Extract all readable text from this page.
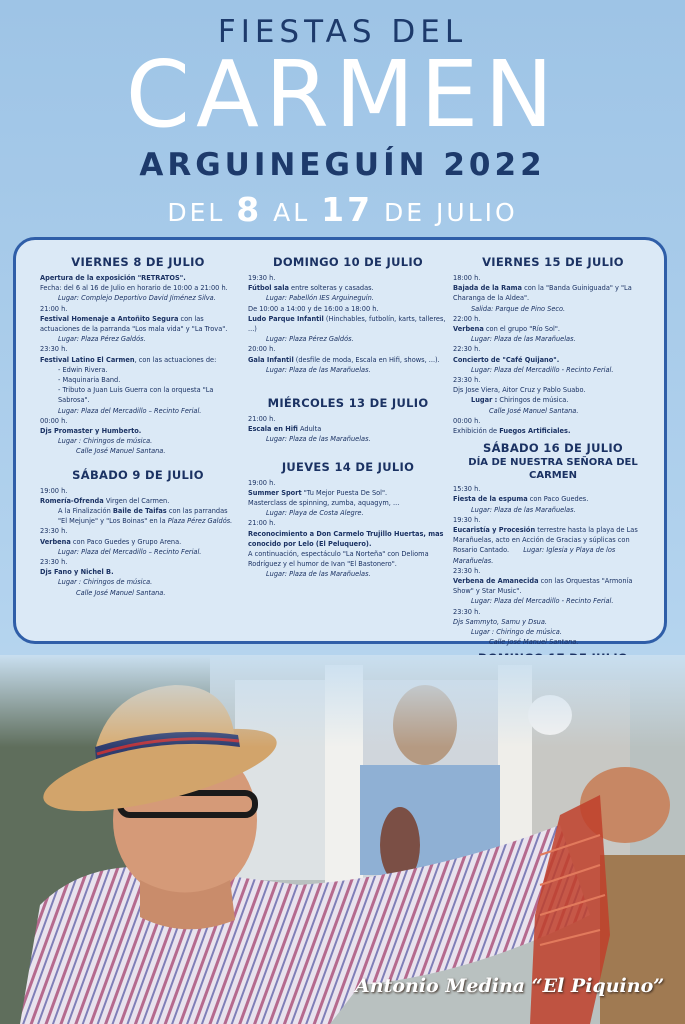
FIESTAS DEL
CARMEN
ARGUINEGUÍN 2022
DEL 8 AL 17 DE JULIO
VIERNES 8 DE JULIO
Apertura de la exposición "RETRATOS".
Fecha: del 6 al 16 de Julio en horario de 10:00 a 21:00 h.
Lugar: Complejo Deportivo David Jiménez Silva.
21:00 h.
Festival Homenaje a Antoñito Segura con las actuaciones de la parranda "Los mala vida" y "La Trova".
Lugar: Plaza Pérez Galdós.
23:30 h.
Festival Latino El Carmen, con las actuaciones de:
- Edwin Rivera.
- Maquinaria Band.
- Tributo a Juan Luis Guerra con la orquesta "La Sabrosa".
Lugar: Plaza del Mercadillo – Recinto Ferial.
00:00 h.
Djs Promaster y Humberto.
Lugar : Chiringos de música.
Calle José Manuel Santana.
SÁBADO 9 DE JULIO
19:00 h.
Romería-Ofrenda Virgen del Carmen.
A la Finalización Baile de Taifas con las parrandas "El Mejunje" y "Los Boinas" en la Plaza Pérez Galdós.
23:30 h.
Verbena con Paco Guedes y Grupo Arena.
Lugar: Plaza del Mercadillo – Recinto Ferial.
23:30 h.
Djs Fano y Nichel B.
Lugar : Chiringos de música.
Calle José Manuel Santana.
DOMINGO 10 DE JULIO
19:30 h.
Fútbol sala entre solteras y casadas.
Lugar: Pabellón IES Arguineguín.
De 10:00 a 14:00 y de 16:00 a 18:00 h.
Ludo Parque Infantil (Hinchables, futbolín, karts, talleres, ...)
Lugar: Plaza Pérez Galdós.
20:00 h.
Gala Infantil (desfile de moda, Escala en Hifi, shows, ...).
Lugar: Plaza de las Marañuelas.
MIÉRCOLES 13 DE JULIO
21:00 h.
Escala en Hifi Adulta
Lugar: Plaza de las Marañuelas.
JUEVES 14 DE JULIO
19:00 h.
Summer Sport "Tu Mejor Puesta De Sol".
Masterclass de spinning, zumba, aquagym, ...
Lugar: Playa de Costa Alegre.
21:00 h.
Reconocimiento a Don Carmelo Trujillo Huertas, mas conocido por Lelo (El Peluquero).
A continuación, espectáculo "La Norteña" con Delioma Rodríguez y el humor de Ivan "El Bastonero".
Lugar: Plaza de las Marañuelas.
VIERNES 15 DE JULIO
18:00 h.
Bajada de la Rama con la "Banda Guiniguada" y "La Charanga de la Aldea".
Salida: Parque de Pino Seco.
22:00 h.
Verbena con el grupo "Río Sol".
Lugar: Plaza de las Marañuelas.
22:30 h.
Concierto de "Café Quijano".
Lugar: Plaza del Mercadillo - Recinto Ferial.
23:30 h.
Djs Jose Viera, Aitor Cruz y Pablo Suabo.
Lugar : Chiringos de música.
Calle José Manuel Santana.
00:00 h.
Exhibición de Fuegos Artificiales.
SÁBADO 16 DE JULIO
DÍA DE NUESTRA SEÑORA DEL CARMEN
15:30 h.
Fiesta de la espuma con Paco Guedes.
Lugar: Plaza de las Marañuelas.
19:30 h.
Eucaristía y Procesión terrestre hasta la playa de Las Marañuelas, acto en Acción de Gracias y súplicas con Rosario Cantado. Lugar: Iglesia y Playa de los Marañuelas.
23:30 h.
Verbena de Amanecida con las Orquestas "Armonía Show" y Star Music".
Lugar: Plaza del Mercadillo - Recinto Ferial.
23:30 h.
Djs Sammyto, Samu y Dsua.
Lugar : Chiringo de música.
Calle José Manuel Santana.
Antonio Medina “El Piquino”
